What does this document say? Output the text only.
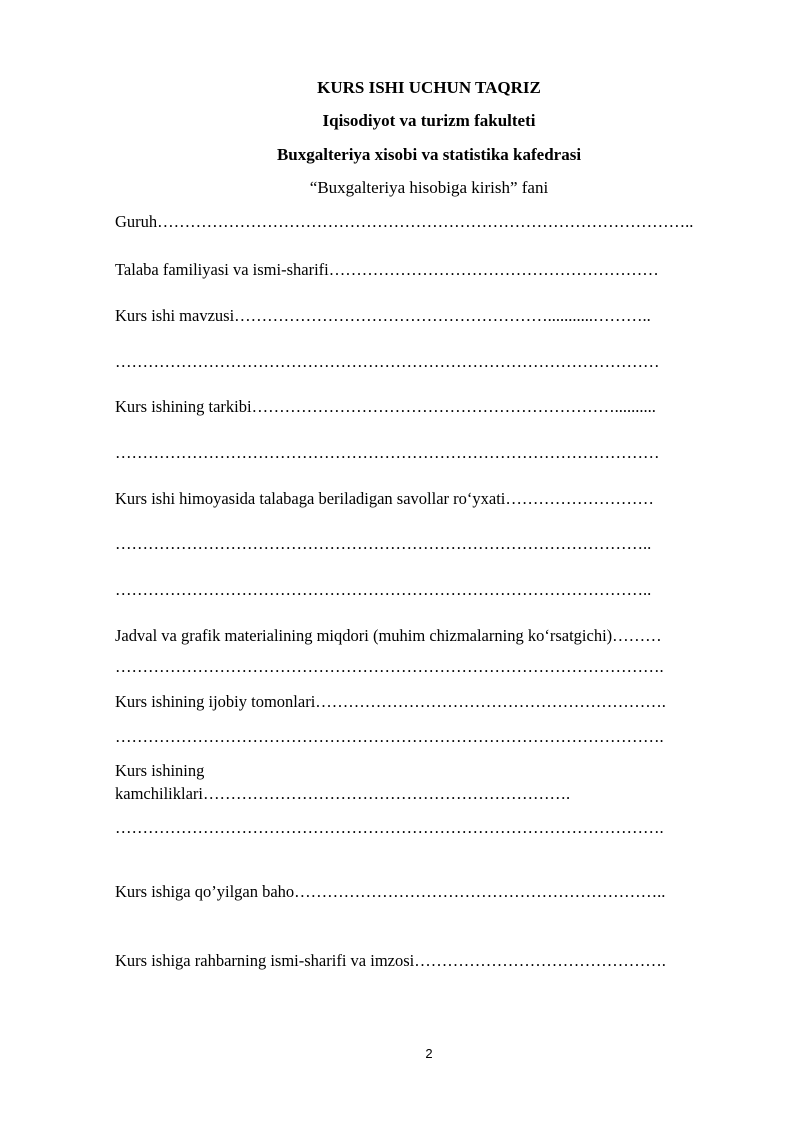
KURS ISHI UCHUN TAQRIZ
Iqisodiyot va turizm fakulteti
Buxgalteriya xisobi va statistika kafedrasi
“Buxgalteriya hisobiga kirish” fani
Guruh……………………………………………………………………………………..
Talaba familiyasi va ismi-sharifi……………………………………………………
Kurs ishi mavzusi…………………………………………………...........………..
………………………………………………………………………………………
Kurs ishining tarkibi…………………………………………………………..........
………………………………………………………………………………………
Kurs ishi himoyasida talabaga beriladigan savollar ro‘yxati………………………
……………………………………………………………………………………..
……………………………………………………………………………………..
Jadval va grafik materialining miqdori (muhim chizmalarning ko‘rsatgichi)………
……………………………………………………………………………………….
Kurs ishining ijobiy tomonlari……………………………………………………….
……………………………………………………………………………………….
Kurs ishining
kamchiliklari………………………………………………………….
……………………………………………………………………………………….
Kurs ishiga qo’yilgan baho…………………………………………………………..
Kurs ishiga rahbarning ismi-sharifi va imzosi……………………………………….
2
